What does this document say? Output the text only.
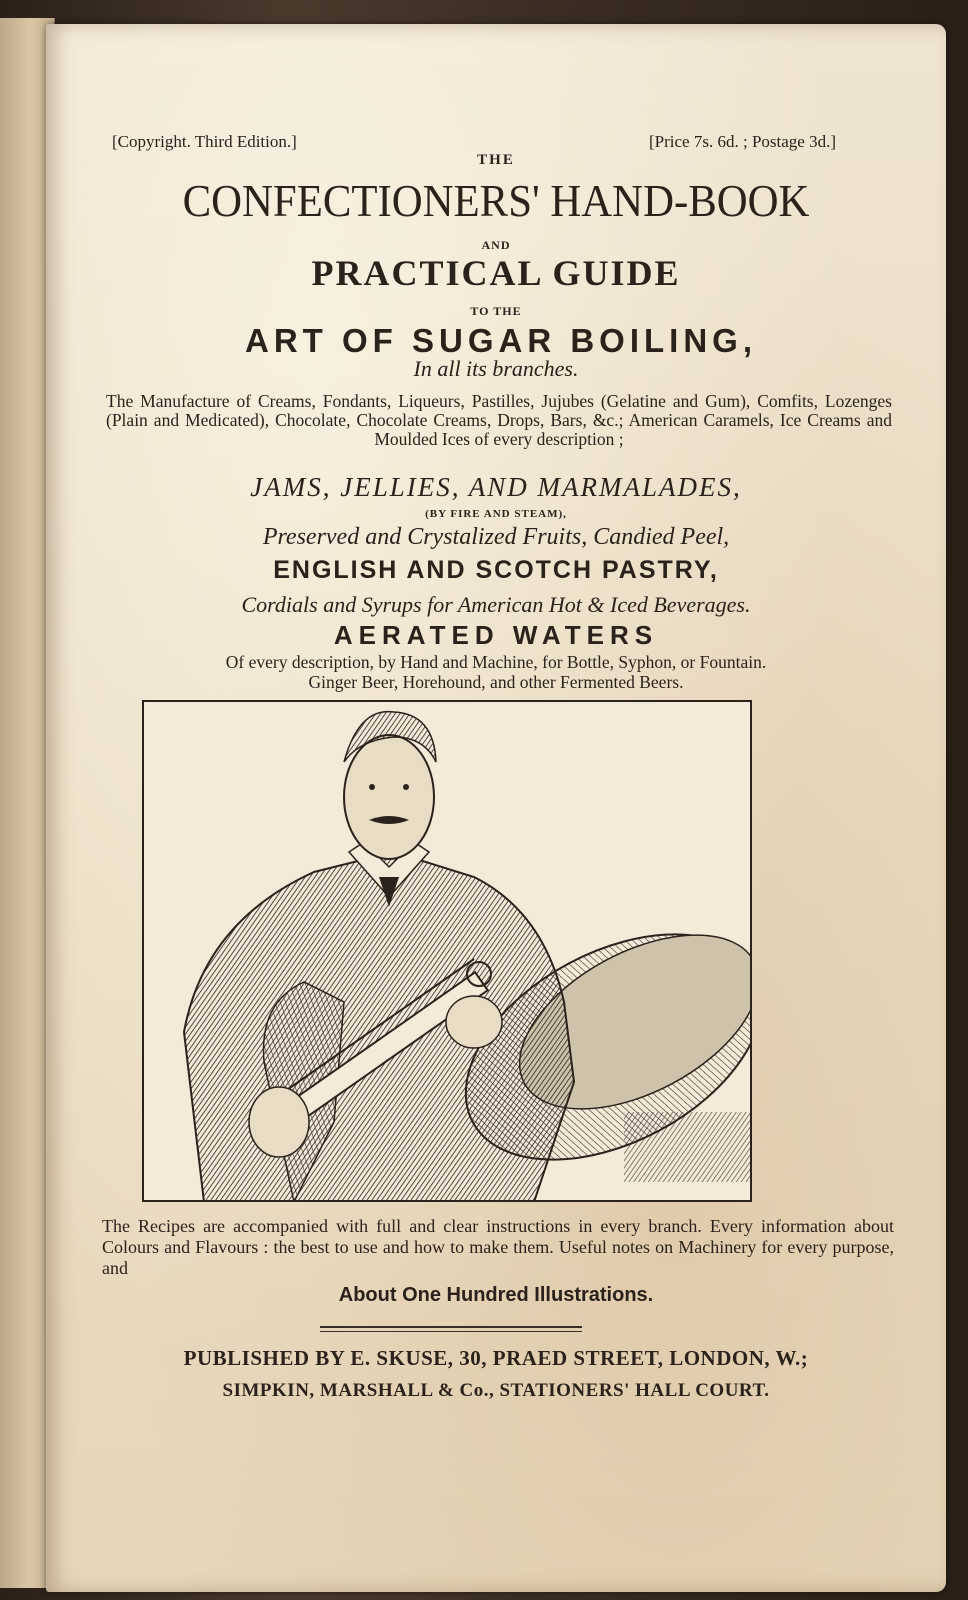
[Copyright. Third Edition.]	[Price 7s. 6d. ; Postage 3d.]
THE
CONFECTIONERS' HAND-BOOK
AND
PRACTICAL GUIDE
TO THE
ART OF SUGAR BOILING,
In all its branches.
The Manufacture of Creams, Fondants, Liqueurs, Pastilles, Jujubes (Gelatine and Gum), Comfits, Lozenges (Plain and Medicated), Chocolate, Chocolate Creams, Drops, Bars, &c.; American Caramels, Ice Creams and Moulded Ices of every description ;
JAMS, JELLIES, AND MARMALADES,
(BY FIRE AND STEAM),
Preserved and Crystalized Fruits, Candied Peel,
ENGLISH AND SCOTCH PASTRY,
Cordials and Syrups for American Hot & Iced Beverages.
AERATED WATERS
Of every description, by Hand and Machine, for Bottle, Syphon, or Fountain.
Ginger Beer, Horehound, and other Fermented Beers.
The Recipes are accompanied with full and clear instructions in every branch. Every information about Colours and Flavours : the best to use and how to make them. Useful notes on Machinery for every purpose, and
About One Hundred Illustrations.
PUBLISHED BY E. SKUSE, 30, PRAED STREET, LONDON, W.;
SIMPKIN, MARSHALL & Co., STATIONERS' HALL COURT.
